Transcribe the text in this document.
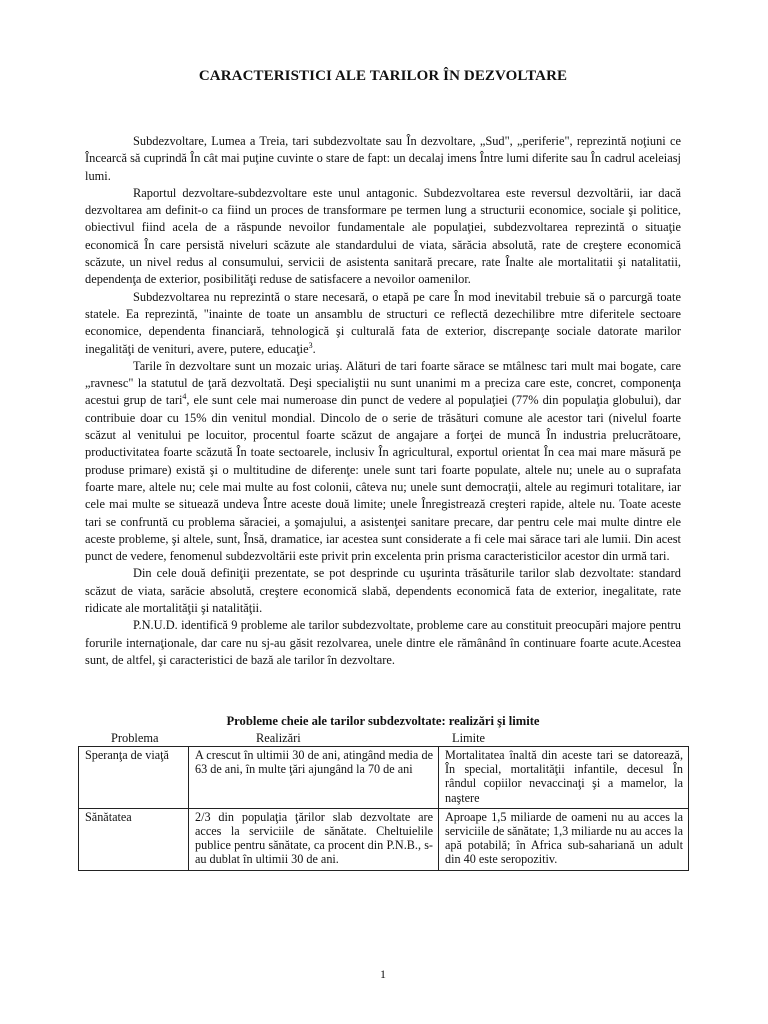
CARACTERISTICI ALE TARILOR ÎN DEZVOLTARE

Subdezvoltare, Lumea a Treia, tari subdezvoltate sau În dezvoltare, „Sud", „periferie", reprezintă noţiuni ce Încearcă să cuprindă În cât mai puţine cuvinte o stare de fapt: un decalaj imens Între lumi diferite sau În cadrul aceleiasj lumi.

Raportul dezvoltare-subdezvoltare este unul antagonic. Subdezvoltarea este reversul dezvoltării, iar dacă dezvoltarea am definit-o ca fiind un proces de transformare pe termen lung a structurii economice, sociale şi politice, obiectivul fiind acela de a răspunde nevoilor fundamentale ale populaţiei, subdezvoltarea reprezintă o situaţie economică În care persistă niveluri scăzute ale standardului de viata, sărăcia absolută, rate de creştere economică scăzute, un nivel redus al consumului, servicii de asistenta sanitară precare, rate Înalte ale mortalitatii şi natalitatii, dependenţa de exterior, posibilităţi reduse de satisfacere a nevoilor oamenilor.

Subdezvoltarea nu reprezintă o stare necesară, o etapă pe care În mod inevitabil trebuie să o parcurgă toate statele. Ea reprezintă, "inainte de toate un ansamblu de structuri ce reflectă dezechilibre mtre diferitele sectoare economice, dependenta financiară, tehnologică şi culturală fata de exterior, discrepanţe sociale datorate marilor inegalităţi de venituri, avere, putere, educaţie$^3$.

Tarile în dezvoltare sunt un mozaic uriaş. Alături de tari foarte sărace se mtâlnesc tari mult mai bogate, care „ravnesc" la statutul de ţară dezvoltată. Deşi specialiştii nu sunt unanimi m a preciza care este, concret, componenţa acestui grup de tari$^4$, ele sunt cele mai numeroase din punct de vedere al populaţiei (77% din populaţia globului), dar contribuie doar cu 15% din venitul mondial. Dincolo de o serie de trăsături comune ale acestor tari (nivelul foarte scăzut al venitului pe locuitor, procentul foarte scăzut de angajare a forţei de muncă În industria prelucrătoare, productivitatea foarte scăzută În toate sectoarele, inclusiv În agricultural, exportul orientat În cea mai mare măsură pe produse primare) există şi o multitudine de diferenţe: unele sunt tari foarte populate, altele nu; unele au o suprafata foarte mare, altele nu; cele mai multe au fost colonii, câteva nu; unele sunt democraţii, altele au regimuri totalitare, iar cele mai multe se situează undeva Între aceste două limite; unele Înregistrează creşteri rapide, altele nu. Toate aceste tari se confruntă cu problema săraciei, a şomajului, a asistenţei sanitare precare, dar pentru cele mai multe dintre ele aceste probleme, şi altele, sunt, Însă, dramatice, iar acestea sunt considerate a fi cele mai sărace tari ale lumii. Din acest punct de vedere, fenomenul subdezvoltării este privit prin excelenta prin prisma caracteristicilor acestor din urmă tari.

Din cele două definiţii prezentate, se pot desprinde cu uşurinta trăsăturile tarilor slab dezvoltate: standard scăzut de viata, sarăcie absolută, creştere economică slabă, dependents economică fata de exterior, inegalitate, rate ridicate ale mortalităţii şi natalităţii.

P.N.U.D. identifică 9 probleme ale tarilor subdezvoltate, probleme care au constituit preocupări majore pentru forurile internaţionale, dar care nu sj-au găsit rezolvarea, unele dintre ele rămânând în continuare foarte acute.Acestea sunt, de altfel, şi caracteristici de bază ale tarilor în dezvoltare.

Probleme cheie ale tarilor subdezvoltate: realizări şi limite
Problema	Realizări	Limite
Speranţa de viaţă	A crescut în ultimii 30 de ani, atingând media de 63 de ani, în multe ţări ajungând la 70 de ani	Mortalitatea înaltă din aceste tari se datorează, În special, mortalităţii infantile, decesul În rândul copiilor nevaccinaţi şi a mamelor, la naştere
Sănătatea	2/3 din populaţia ţărilor slab dezvoltate are acces la serviciile de sănătate. Cheltuielile publice pentru sănătate, ca procent din P.N.B., s-au dublat în ultimii 30 de ani.	Aproape 1,5 miliarde de oameni nu au acces la serviciile de sănătate; 1,3 miliarde nu au acces la apă potabilă; în Africa sub-sahariană un adult din 40 este seropozitiv.
1
